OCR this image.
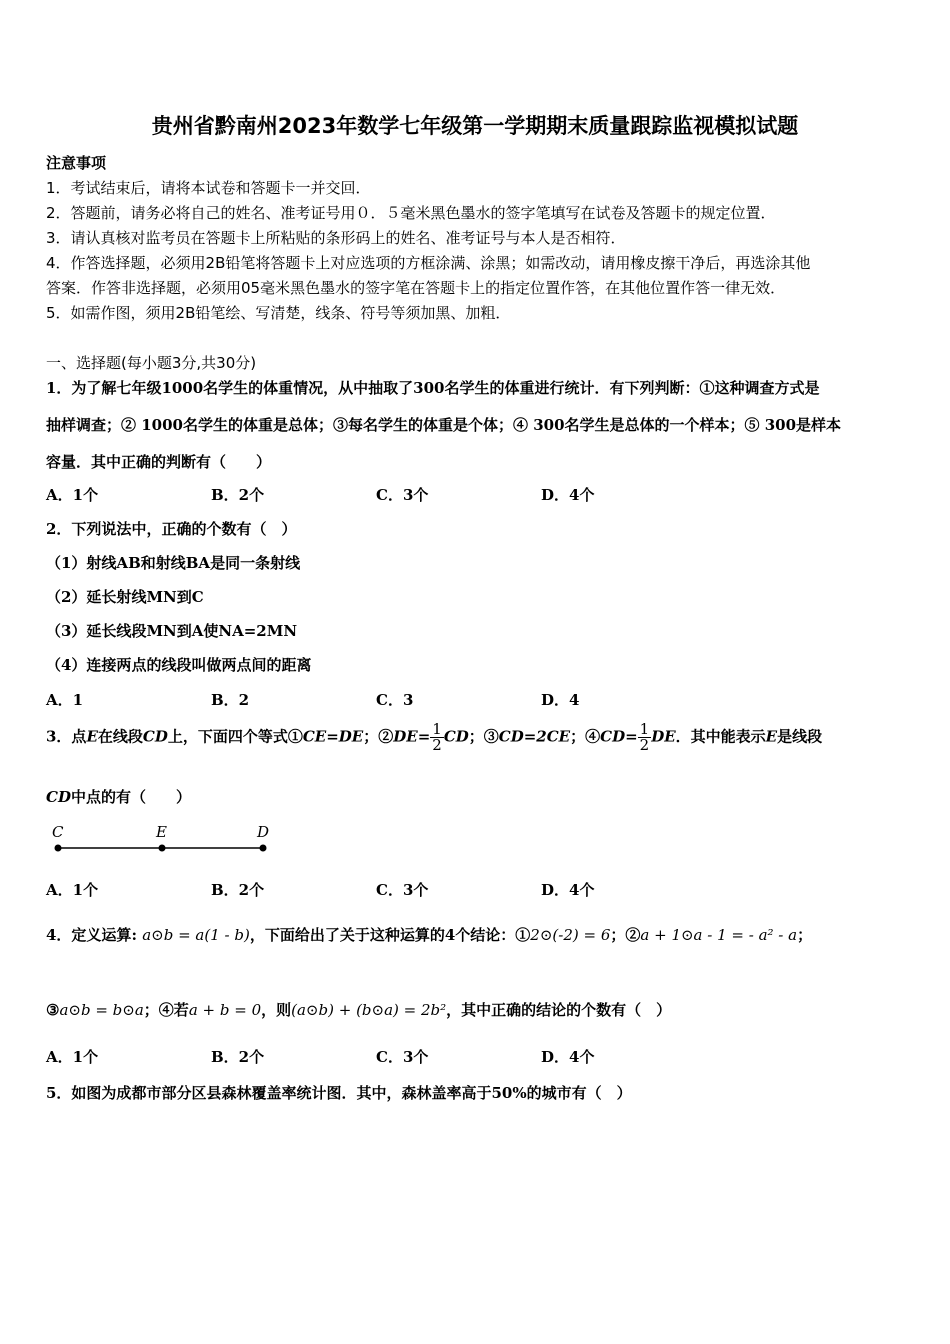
贵州省黔南州2023年数学七年级第一学期期末质量跟踪监视模拟试题
注意事项
1．考试结束后，请将本试卷和答题卡一并交回．
2．答题前，请务必将自己的姓名、准考证号用０．５毫米黑色墨水的签字笔填写在试卷及答题卡的规定位置．
3．请认真核对监考员在答题卡上所粘贴的条形码上的姓名、准考证号与本人是否相符．
4．作答选择题，必须用2B铅笔将答题卡上对应选项的方框涂满、涂黑；如需改动，请用橡皮擦干净后，再选涂其他
答案．作答非选择题，必须用05毫米黑色墨水的签字笔在答题卡上的指定位置作答，在其他位置作答一律无效．
5．如需作图，须用2B铅笔绘、写清楚，线条、符号等须加黑、加粗．
一、选择题(每小题3分,共30分)
1．为了解七年级1000名学生的体重情况，从中抽取了300名学生的体重进行统计．有下列判断：①这种调查方式是
抽样调查；② 1000名学生的体重是总体；③每名学生的体重是个体；④ 300名学生是总体的一个样本；⑤ 300是样本
容量．其中正确的判断有（　　）
A．1个	B．2个	C．3个	D．4个
2．下列说法中，正确的个数有（　）
（1）射线AB和射线BA是同一条射线
（2）延长射线MN到C
（3）延长线段MN到A使NA=2MN
（4）连接两点的线段叫做两点间的距离
A．1	B．2	C．3	D．4
3．点E在线段CD上，下面四个等式①CE=DE；②DE= $\frac{1}{2}$ CD；③CD=2CE；④CD= $\frac{1}{2}$ DE．其中能表示E是线段
CD中点的有（　　）
C	E	D
A．1个	B．2个	C．3个	D．4个
4．定义运算: a⊙b = a(1 - b)，下面给出了关于这种运算的4个结论：①2⊙(-2) = 6；②a + 1⊙a - 1 = - a² - a；
③a⊙b = b⊙a；④若a + b = 0，则(a⊙b) + (b⊙a) = 2b²，其中正确的结论的个数有（　）
A．1个	B．2个	C．3个	D．4个
5．如图为成都市部分区县森林覆盖率统计图．其中，森林盖率高于50%的城市有（　）
